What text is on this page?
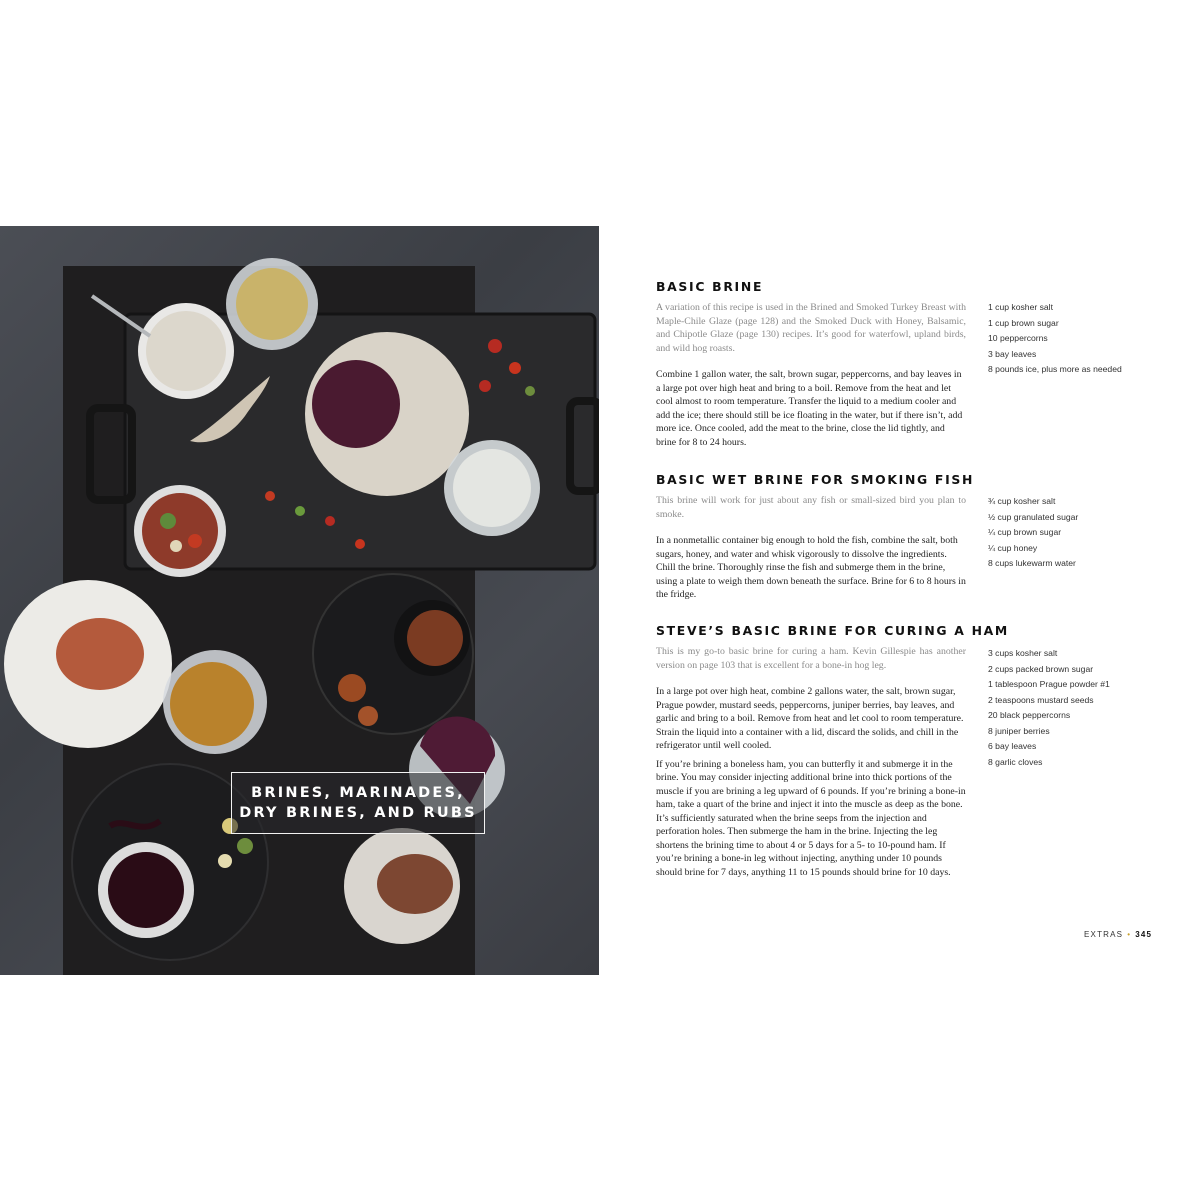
BRINES, MARINADES,
DRY BRINES, AND RUBS
BASIC BRINE

A variation of this recipe is used in the Brined and Smoked Turkey Breast with Maple-Chile Glaze (page 128) and the Smoked Duck with Honey, Balsamic, and Chipotle Glaze (page 130) recipes. It’s good for waterfowl, upland birds, and wild hog roasts.

Combine 1 gallon water, the salt, brown sugar, peppercorns, and bay leaves in a large pot over high heat and bring to a boil. Remove from the heat and let cool almost to room temperature. Transfer the liquid to a medium cooler and add the ice; there should still be ice floating in the water, but if there isn’t, add more ice. Once cooled, add the meat to the brine, close the lid tightly, and brine for 8 to 24 hours.

1 cup kosher salt
1 cup brown sugar
10 peppercorns
3 bay leaves
8 pounds ice, plus more as needed
BASIC WET BRINE FOR SMOKING FISH

This brine will work for just about any fish or small-sized bird you plan to smoke.

In a nonmetallic container big enough to hold the fish, combine the salt, both sugars, honey, and water and whisk vigorously to dissolve the ingredients. Chill the brine. Thoroughly rinse the fish and submerge them in the brine, using a plate to weigh them down beneath the surface. Brine for 6 to 8 hours in the fridge.

¾ cup kosher salt
½ cup granulated sugar
¼ cup brown sugar
¼ cup honey
8 cups lukewarm water
STEVE’S BASIC BRINE FOR CURING A HAM

This is my go-to basic brine for curing a ham. Kevin Gillespie has another version on page 103 that is excellent for a bone-in hog leg.

In a large pot over high heat, combine 2 gallons water, the salt, brown sugar, Prague powder, mustard seeds, peppercorns, juniper berries, bay leaves, and garlic and bring to a boil. Remove from heat and let cool to room temperature. Strain the liquid into a container with a lid, discard the solids, and chill in the refrigerator until well cooled.

If you’re brining a boneless ham, you can butterfly it and submerge it in the brine. You may consider injecting additional brine into thick portions of the muscle if you are brining a leg upward of 6 pounds. If you’re brining a bone-in ham, take a quart of the brine and inject it into the muscle as deep as the bone. It’s sufficiently saturated when the brine seeps from the injection and perforation holes. Then submerge the ham in the brine. Injecting the leg shortens the brining time to about 4 or 5 days for a 5- to 10-pound ham. If you’re brining a bone-in leg without injecting, anything under 10 pounds should brine for 7 days, anything 11 to 15 pounds should brine for 10 days.

3 cups kosher salt
2 cups packed brown sugar
1 tablespoon Prague powder #1
2 teaspoons mustard seeds
20 black peppercorns
8 juniper berries
6 bay leaves
8 garlic cloves
EXTRAS • 345
